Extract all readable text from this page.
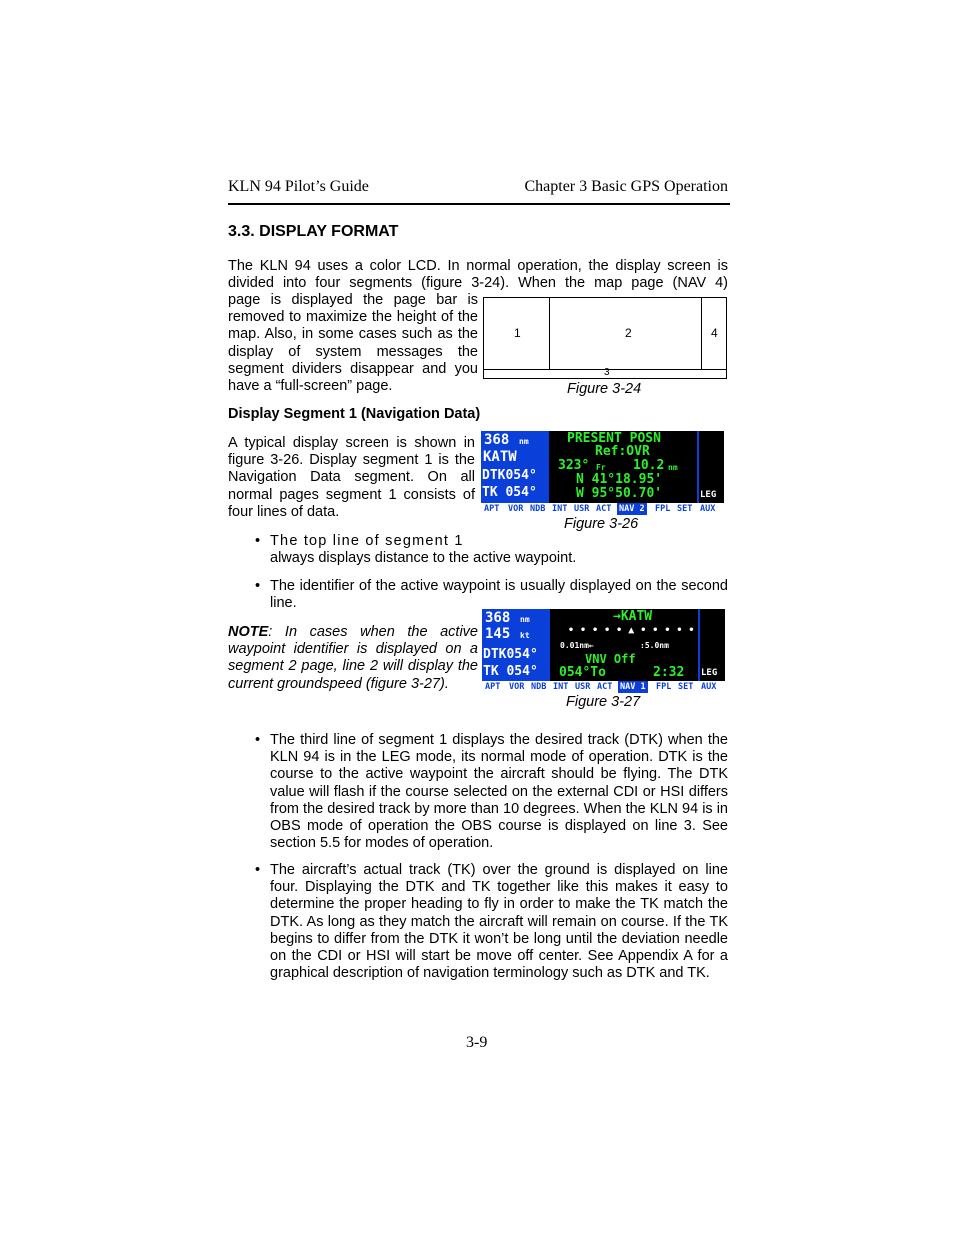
KLN 94 Pilot’s Guide	Chapter 3 Basic GPS Operation
3.3. DISPLAY FORMAT
The KLN 94 uses a color LCD. In normal operation, the display screen is
divided into four segments (figure 3-24). When the map page (NAV 4)
page is displayed the page bar is removed to maximize the height of the map. Also, in some cases such as the display of system messages the segment dividers disappear and you have a “full-screen” page.
1	2	4
3
Figure 3-24
Display Segment 1 (Navigation Data)
A typical display screen is shown in figure 3-26. Display segment 1 is the Navigation Data segment. On all normal pages segment 1 consists of four lines of data.
368 nm
KATW
DTK054°
TK 054°
PRESENT POSN
Ref:OVR
323° Fr 10.2 nm
N 41°18.95'
W 95°50.70'	LEG
APT VOR NDB INT USR ACT NAV 2 FPL SET AUX
Figure 3-26
• The top line of segment 1
always displays distance to the active waypoint.
• The identifier of the active waypoint is usually displayed on the second line.
NOTE: In cases when the active waypoint identifier is displayed on a segment 2 page, line 2 will display the current groundspeed (figure 3-27).
368 nm
145 kt
DTK054°
TK 054°
→KATW
• • • • • ▲ • • • • •
0.01nm←	:5.0nm
VNV Off
054°To	2:32 LEG
APT VOR NDB INT USR ACT NAV 1 FPL SET AUX
Figure 3-27
• The third line of segment 1 displays the desired track (DTK) when the KLN 94 is in the LEG mode, its normal mode of operation. DTK is the course to the active waypoint the aircraft should be flying. The DTK value will flash if the course selected on the external CDI or HSI differs from the desired track by more than 10 degrees. When the KLN 94 is in OBS mode of operation the OBS course is displayed on line 3. See section 5.5 for modes of operation.
• The aircraft’s actual track (TK) over the ground is displayed on line four. Displaying the DTK and TK together like this makes it easy to determine the proper heading to fly in order to make the TK match the DTK. As long as they match the aircraft will remain on course. If the TK begins to differ from the DTK it won’t be long until the deviation needle on the CDI or HSI will start be move off center. See Appendix A for a graphical description of navigation terminology such as DTK and TK.
3-9
